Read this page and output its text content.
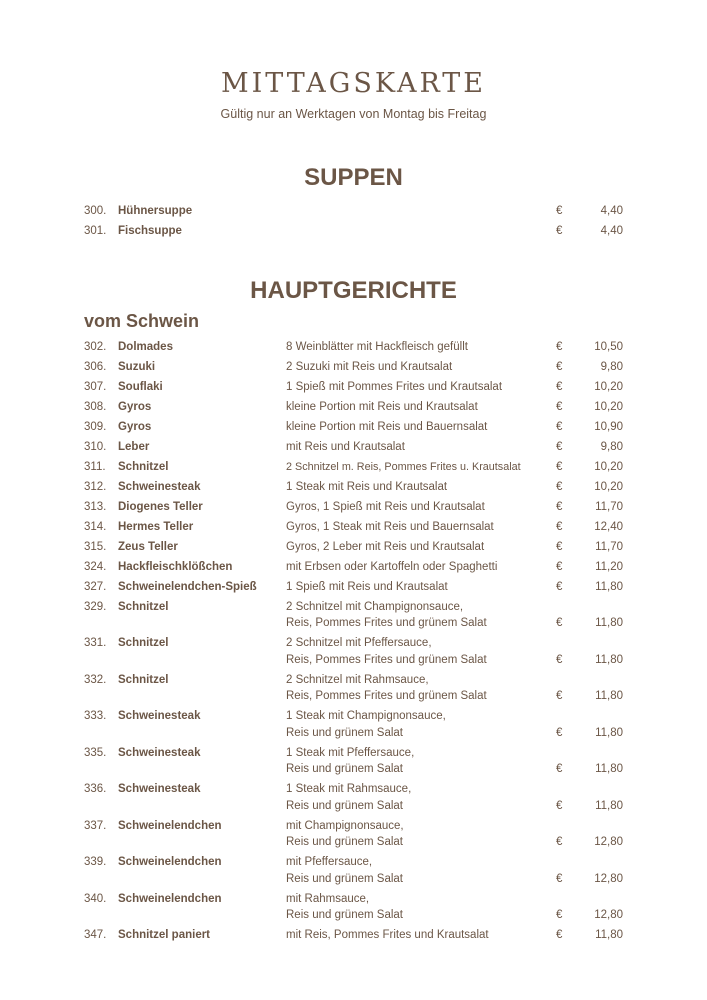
MITTAGSKARTE
Gültig nur an Werktagen von Montag bis Freitag
SUPPEN
300.	Hühnersuppe	€	4,40
301.	Fischsuppe	€	4,40
HAUPTGERICHTE
vom Schwein
302.	Dolmades	8 Weinblätter mit Hackfleisch gefüllt	€	10,50
306.	Suzuki	2 Suzuki mit Reis und Krautsalat	€	9,80
307.	Souflaki	1 Spieß mit Pommes Frites und Krautsalat	€	10,20
308.	Gyros	kleine Portion mit Reis und Krautsalat	€	10,20
309.	Gyros	kleine Portion mit Reis und Bauernsalat	€	10,90
310.	Leber	mit Reis und Krautsalat	€	9,80
311.	Schnitzel	2 Schnitzel m. Reis, Pommes Frites u. Krautsalat	€	10,20
312.	Schweinesteak	1 Steak mit Reis und Krautsalat	€	10,20
313.	Diogenes Teller	Gyros, 1 Spieß mit Reis und Krautsalat	€	11,70
314.	Hermes Teller	Gyros, 1 Steak mit Reis und Bauernsalat	€	12,40
315.	Zeus Teller	Gyros, 2 Leber mit Reis und Krautsalat	€	11,70
324.	Hackfleischklößchen	mit Erbsen oder Kartoffeln oder Spaghetti	€	11,20
327.	Schweinelendchen-Spieß	1 Spieß mit Reis und Krautsalat	€	11,80
329.	Schnitzel	2 Schnitzel mit Champignonsauce,
Reis, Pommes Frites und grünem Salat	€	11,80
331.	Schnitzel	2 Schnitzel mit Pfeffersauce,
Reis, Pommes Frites und grünem Salat	€	11,80
332.	Schnitzel	2 Schnitzel mit Rahmsauce,
Reis, Pommes Frites und grünem Salat	€	11,80
333.	Schweinesteak	1 Steak mit Champignonsauce,
Reis und grünem Salat	€	11,80
335.	Schweinesteak	1 Steak mit Pfeffersauce,
Reis und grünem Salat	€	11,80
336.	Schweinesteak	1 Steak mit Rahmsauce,
Reis und grünem Salat	€	11,80
337.	Schweinelendchen	mit Champignonsauce,
Reis und grünem Salat	€	12,80
339.	Schweinelendchen	mit Pfeffersauce,
Reis und grünem Salat	€	12,80
340.	Schweinelendchen	mit Rahmsauce,
Reis und grünem Salat	€	12,80
347.	Schnitzel paniert	mit Reis, Pommes Frites und Krautsalat	€	11,80
